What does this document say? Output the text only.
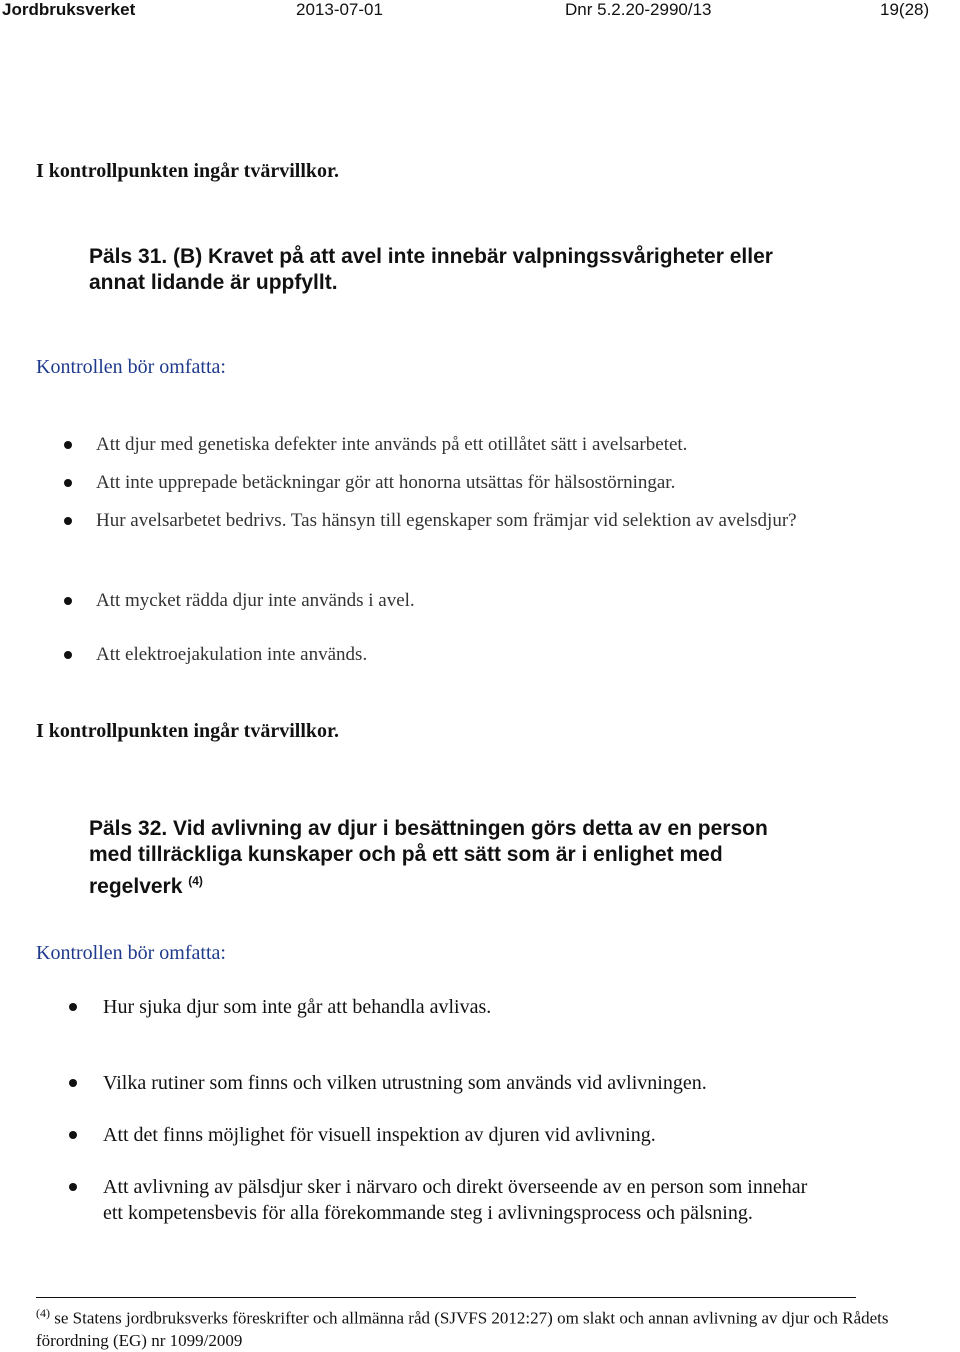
Jordbruksverket	2013-07-01	Dnr 5.2.20-2990/13	19(28)
I kontrollpunkten ingår tvärvillkor.
Päls 31. (B) Kravet på att avel inte innebär valpningssvårigheter eller
annat lidande är uppfyllt.
Kontrollen bör omfatta:
Att djur med genetiska defekter inte används på ett otillåtet sätt i avelsarbetet.
Att inte upprepade betäckningar gör att honorna utsättas för hälsostörningar.
Hur avelsarbetet bedrivs. Tas hänsyn till egenskaper som främjar vid selektion av avelsdjur?
Att mycket rädda djur inte används i avel.
Att elektroejakulation inte används.
I kontrollpunkten ingår tvärvillkor.
Päls 32. Vid avlivning av djur i besättningen görs detta av en person
med tillräckliga kunskaper och på ett sätt som är i enlighet med
regelverk $^{(4)}$
Kontrollen bör omfatta:
Hur sjuka djur som inte går att behandla avlivas.
Vilka rutiner som finns och vilken utrustning som används vid avlivningen.
Att det finns möjlighet för visuell inspektion av djuren vid avlivning.
Att avlivning av pälsdjur sker i närvaro och direkt överseende av en person som innehar ett kompetensbevis för alla förekommande steg i avlivningsprocess och pälsning.
$^{(4)}$ se Statens jordbruksverks föreskrifter och allmänna råd (SJVFS 2012:27) om slakt och annan avlivning av djur och Rådets förordning (EG) nr 1099/2009
